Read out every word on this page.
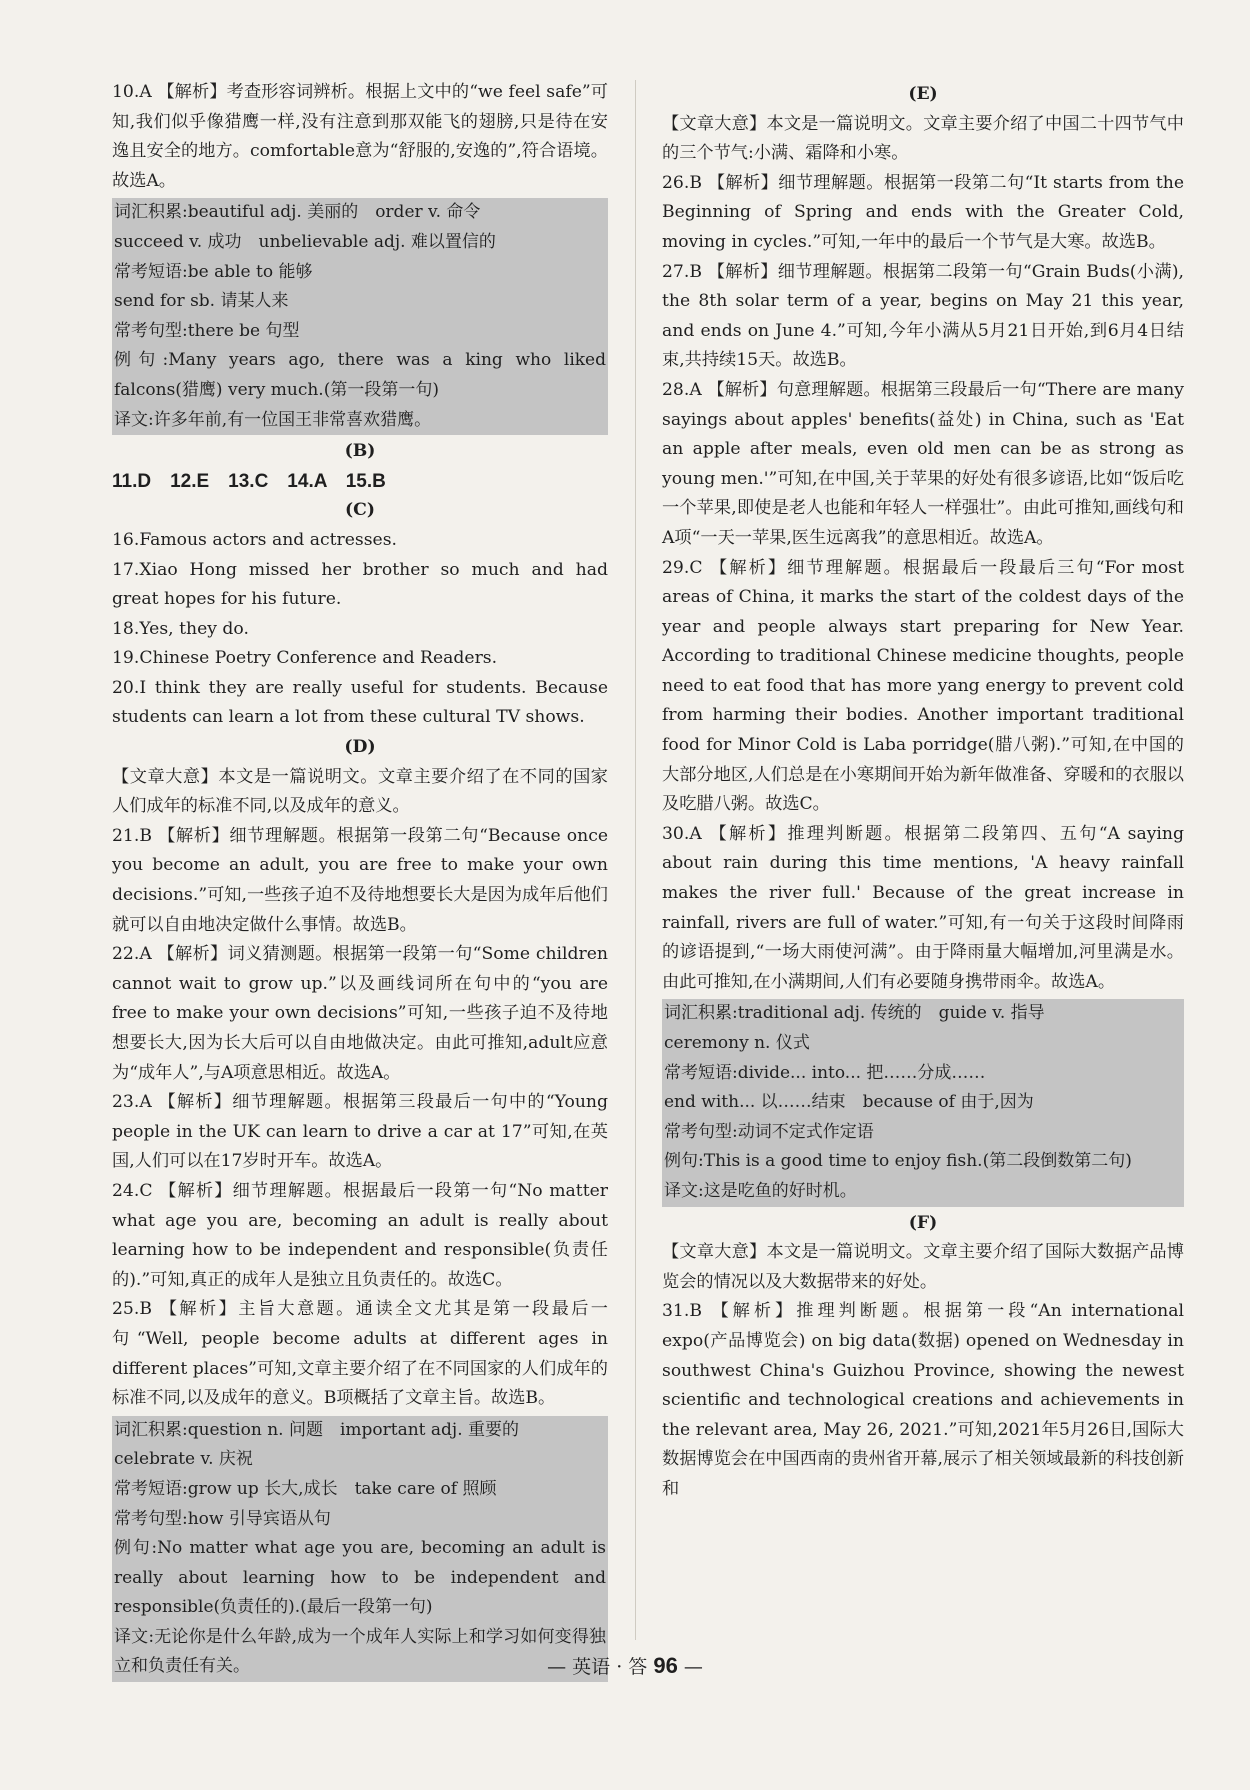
10.A 【解析】考查形容词辨析。根据上文中的“we feel safe”可知,我们似乎像猎鹰一样,没有注意到那双能飞的翅膀,只是待在安逸且安全的地方。comfortable意为“舒服的,安逸的”,符合语境。故选A。

词汇积累:beautiful adj. 美丽的　order v. 命令

succeed v. 成功　unbelievable adj. 难以置信的

常考短语:be able to 能够

send for sb. 请某人来

常考句型:there be 句型

例句:Many years ago, there was a king who liked falcons(猎鹰) very much.(第一段第一句)

译文:许多年前,有一位国王非常喜欢猎鹰。

(B)

11.D　12.E　13.C　14.A　15.B

(C)

16.Famous actors and actresses.

17.Xiao Hong missed her brother so much and had great hopes for his future.

18.Yes, they do.

19.Chinese Poetry Conference and Readers.

20.I think they are really useful for students. Because students can learn a lot from these cultural TV shows.

(D)

【文章大意】本文是一篇说明文。文章主要介绍了在不同的国家人们成年的标准不同,以及成年的意义。

21.B 【解析】细节理解题。根据第一段第二句“Because once you become an adult, you are free to make your own decisions.”可知,一些孩子迫不及待地想要长大是因为成年后他们就可以自由地决定做什么事情。故选B。

22.A 【解析】词义猜测题。根据第一段第一句“Some children cannot wait to grow up.”以及画线词所在句中的“you are free to make your own decisions”可知,一些孩子迫不及待地想要长大,因为长大后可以自由地做决定。由此可推知,adult应意为“成年人”,与A项意思相近。故选A。

23.A 【解析】细节理解题。根据第三段最后一句中的“Young people in the UK can learn to drive a car at 17”可知,在英国,人们可以在17岁时开车。故选A。

24.C 【解析】细节理解题。根据最后一段第一句“No matter what age you are, becoming an adult is really about learning how to be independent and responsible(负责任的).”可知,真正的成年人是独立且负责任的。故选C。

25.B 【解析】主旨大意题。通读全文尤其是第一段最后一句“Well, people become adults at different ages in different places”可知,文章主要介绍了在不同国家的人们成年的标准不同,以及成年的意义。B项概括了文章主旨。故选B。

词汇积累:question n. 问题　important adj. 重要的

celebrate v. 庆祝

常考短语:grow up 长大,成长　take care of 照顾

常考句型:how 引导宾语从句

例句:No matter what age you are, becoming an adult is really about learning how to be independent and responsible(负责任的).(最后一段第一句)

译文:无论你是什么年龄,成为一个成年人实际上和学习如何变得独立和负责任有关。

(E)

【文章大意】本文是一篇说明文。文章主要介绍了中国二十四节气中的三个节气:小满、霜降和小寒。

26.B 【解析】细节理解题。根据第一段第二句“It starts from the Beginning of Spring and ends with the Greater Cold, moving in cycles.”可知,一年中的最后一个节气是大寒。故选B。

27.B 【解析】细节理解题。根据第二段第一句“Grain Buds(小满), the 8th solar term of a year, begins on May 21 this year, and ends on June 4.”可知,今年小满从5月21日开始,到6月4日结束,共持续15天。故选B。

28.A 【解析】句意理解题。根据第三段最后一句“There are many sayings about apples' benefits(益处) in China, such as 'Eat an apple after meals, even old men can be as strong as young men.'”可知,在中国,关于苹果的好处有很多谚语,比如“饭后吃一个苹果,即使是老人也能和年轻人一样强壮”。由此可推知,画线句和A项“一天一苹果,医生远离我”的意思相近。故选A。

29.C 【解析】细节理解题。根据最后一段最后三句“For most areas of China, it marks the start of the coldest days of the year and people always start preparing for New Year. According to traditional Chinese medicine thoughts, people need to eat food that has more yang energy to prevent cold from harming their bodies. Another important traditional food for Minor Cold is Laba porridge(腊八粥).”可知,在中国的大部分地区,人们总是在小寒期间开始为新年做准备、穿暖和的衣服以及吃腊八粥。故选C。

30.A 【解析】推理判断题。根据第二段第四、五句“A saying about rain during this time mentions, 'A heavy rainfall makes the river full.' Because of the great increase in rainfall, rivers are full of water.”可知,有一句关于这段时间降雨的谚语提到,“一场大雨使河满”。由于降雨量大幅增加,河里满是水。由此可推知,在小满期间,人们有必要随身携带雨伞。故选A。

词汇积累:traditional adj. 传统的　guide v. 指导

ceremony n. 仪式

常考短语:divide... into... 把……分成……

end with... 以……结束　because of 由于,因为

常考句型:动词不定式作定语

例句:This is a good time to enjoy fish.(第二段倒数第二句)

译文:这是吃鱼的好时机。

(F)

【文章大意】本文是一篇说明文。文章主要介绍了国际大数据产品博览会的情况以及大数据带来的好处。

31.B 【解析】推理判断题。根据第一段“An international expo(产品博览会) on big data(数据) opened on Wednesday in southwest China's Guizhou Province, showing the newest scientific and technological creations and achievements in the relevant area, May 26, 2021.”可知,2021年5月26日,国际大数据博览会在中国西南的贵州省开幕,展示了相关领域最新的科技创新和

— 英语 · 答 96 —
